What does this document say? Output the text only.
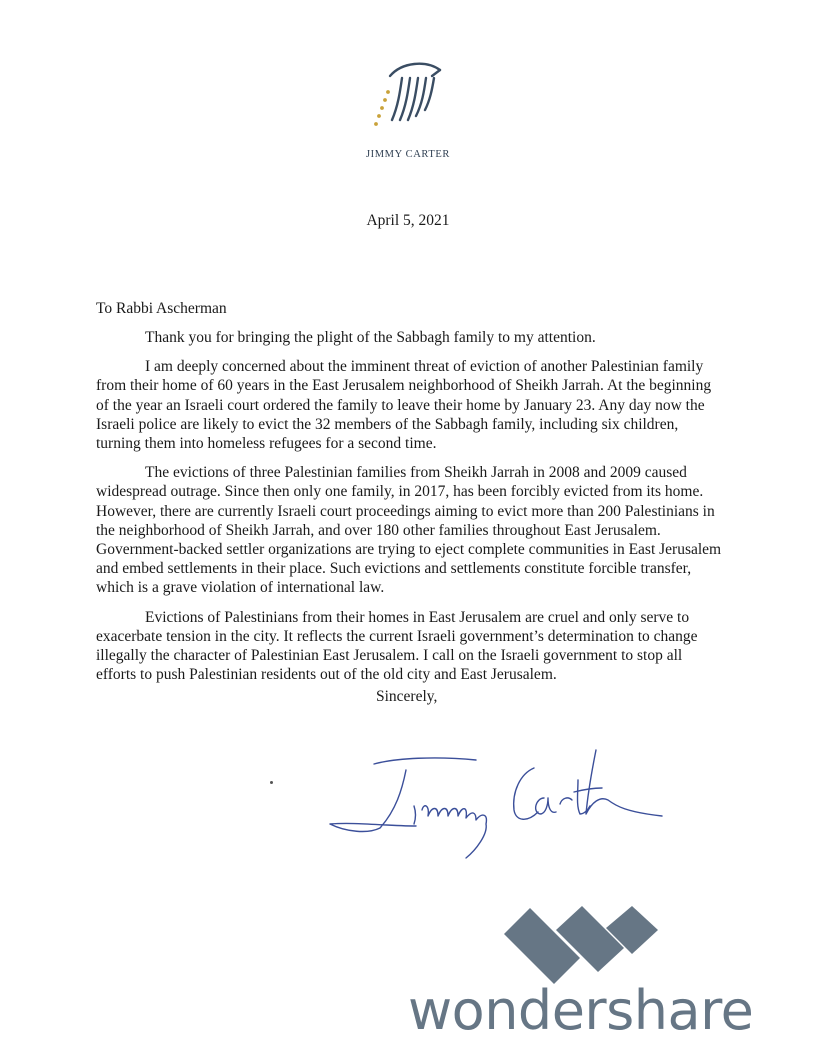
JIMMY CARTER
April 5, 2021
To Rabbi Ascherman

Thank you for bringing the plight of the Sabbagh family to my attention.

I am deeply concerned about the imminent threat of eviction of another Palestinian family from their home of 60 years in the East Jerusalem neighborhood of Sheikh Jarrah. At the beginning of the year an Israeli court ordered the family to leave their home by January 23. Any day now the Israeli police are likely to evict the 32 members of the Sabbagh family, including six children, turning them into homeless refugees for a second time.

The evictions of three Palestinian families from Sheikh Jarrah in 2008 and 2009 caused widespread outrage. Since then only one family, in 2017, has been forcibly evicted from its home. However, there are currently Israeli court proceedings aiming to evict more than 200 Palestinians in the neighborhood of Sheikh Jarrah, and over 180 other families throughout East Jerusalem. Government-backed settler organizations are trying to eject complete communities in East Jerusalem and embed settlements in their place. Such evictions and settlements constitute forcible transfer, which is a grave violation of international law.

Evictions of Palestinians from their homes in East Jerusalem are cruel and only serve to exacerbate tension in the city. It reflects the current Israeli government’s determination to change illegally the character of Palestinian East Jerusalem. I call on the Israeli government to stop all efforts to push Palestinian residents out of the old city and East Jerusalem.

Sincerely,
wondershare
